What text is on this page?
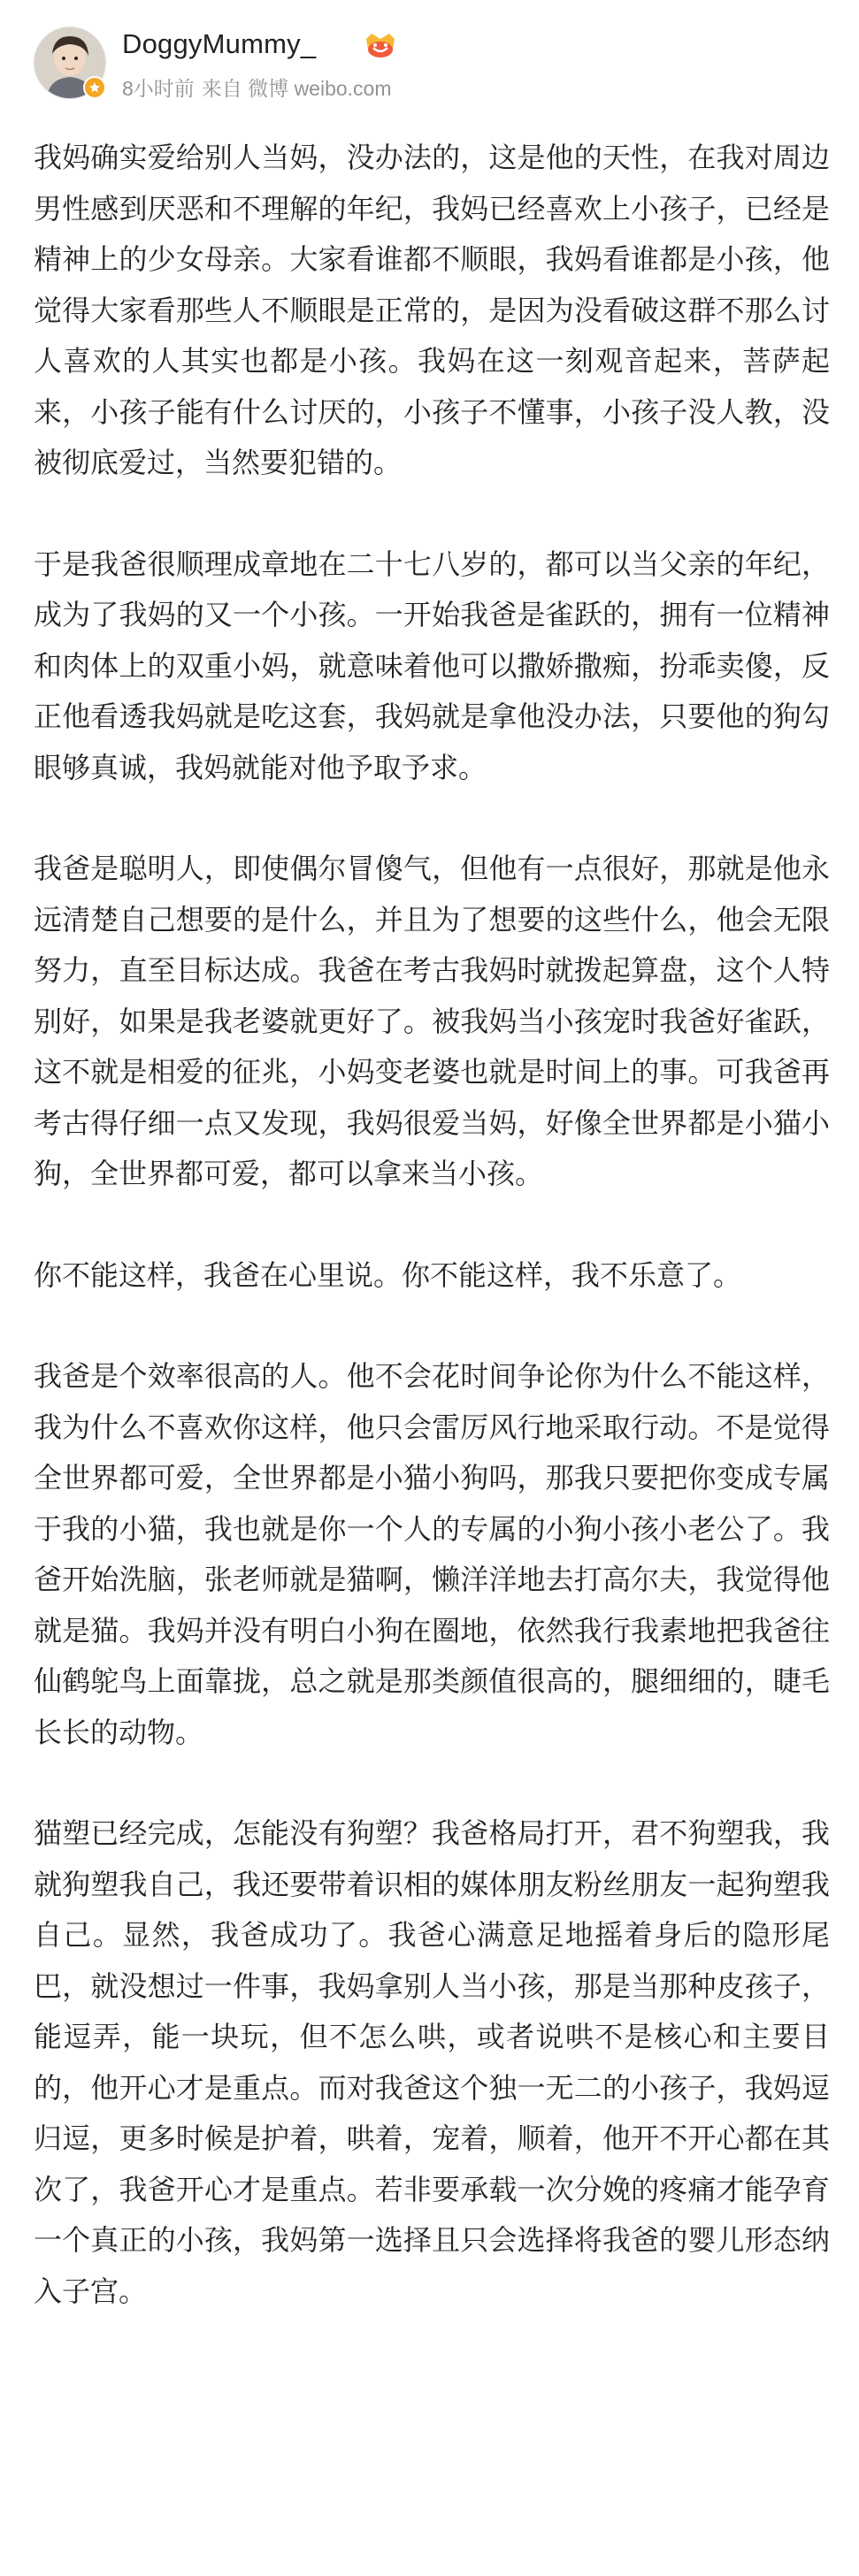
DoggyMummy_
8小时前 来自 微博 weibo.com

我妈确实爱给别人当妈，没办法的，这是他的天性，在我对周边男性感到厌恶和不理解的年纪，我妈已经喜欢上小孩子，已经是精神上的少女母亲。大家看谁都不顺眼，我妈看谁都是小孩，他觉得大家看那些人不顺眼是正常的，是因为没看破这群不那么讨人喜欢的人其实也都是小孩。我妈在这一刻观音起来，菩萨起来，小孩子能有什么讨厌的，小孩子不懂事，小孩子没人教，没被彻底爱过，当然要犯错的。

于是我爸很顺理成章地在二十七八岁的，都可以当父亲的年纪，成为了我妈的又一个小孩。一开始我爸是雀跃的，拥有一位精神和肉体上的双重小妈，就意味着他可以撒娇撒痴，扮乖卖傻，反正他看透我妈就是吃这套，我妈就是拿他没办法，只要他的狗勾眼够真诚，我妈就能对他予取予求。

我爸是聪明人，即使偶尔冒傻气，但他有一点很好，那就是他永远清楚自己想要的是什么，并且为了想要的这些什么，他会无限努力，直至目标达成。我爸在考古我妈时就拨起算盘，这个人特别好，如果是我老婆就更好了。被我妈当小孩宠时我爸好雀跃，这不就是相爱的征兆，小妈变老婆也就是时间上的事。可我爸再考古得仔细一点又发现，我妈很爱当妈，好像全世界都是小猫小狗，全世界都可爱，都可以拿来当小孩。

你不能这样，我爸在心里说。你不能这样，我不乐意了。

我爸是个效率很高的人。他不会花时间争论你为什么不能这样，我为什么不喜欢你这样，他只会雷厉风行地采取行动。不是觉得全世界都可爱，全世界都是小猫小狗吗，那我只要把你变成专属于我的小猫，我也就是你一个人的专属的小狗小孩小老公了。我爸开始洗脑，张老师就是猫啊，懒洋洋地去打高尔夫，我觉得他就是猫。我妈并没有明白小狗在圈地，依然我行我素地把我爸往仙鹤鸵鸟上面靠拢，总之就是那类颜值很高的，腿细细的，睫毛长长的动物。

猫塑已经完成，怎能没有狗塑？我爸格局打开，君不狗塑我，我就狗塑我自己，我还要带着识相的媒体朋友粉丝朋友一起狗塑我自己。显然，我爸成功了。我爸心满意足地摇着身后的隐形尾巴，就没想过一件事，我妈拿别人当小孩，那是当那种皮孩子，能逗弄，能一块玩，但不怎么哄，或者说哄不是核心和主要目的，他开心才是重点。而对我爸这个独一无二的小孩子，我妈逗归逗，更多时候是护着，哄着，宠着，顺着，他开不开心都在其次了，我爸开心才是重点。若非要承载一次分娩的疼痛才能孕育一个真正的小孩，我妈第一选择且只会选择将我爸的婴儿形态纳入子宫。
